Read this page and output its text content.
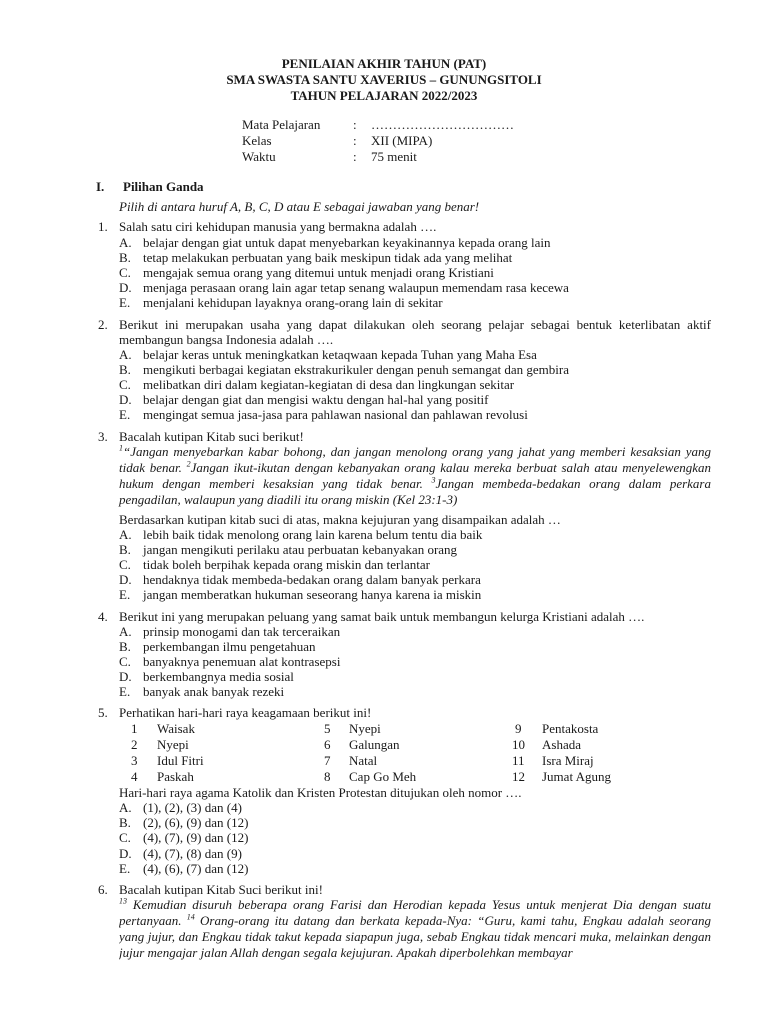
PENILAIAN AKHIR TAHUN (PAT)
SMA SWASTA SANTU XAVERIUS – GUNUNGSITOLI
TAHUN PELAJARAN 2022/2023
Mata Pelajaran	: ……………………………
Kelas	: XII (MIPA)
Waktu	: 75 menit
I. Pilihan Ganda
Pilih di antara huruf A, B, C, D atau E sebagai jawaban yang benar!
1. Salah satu ciri kehidupan manusia yang bermakna adalah ….
A. belajar dengan giat untuk dapat menyebarkan keyakinannya kepada orang lain
B. tetap melakukan perbuatan yang baik meskipun tidak ada yang melihat
C. mengajak semua orang yang ditemui untuk menjadi orang Kristiani
D. menjaga perasaan orang lain agar tetap senang walaupun memendam rasa kecewa
E. menjalani kehidupan layaknya orang-orang lain di sekitar
2. Berikut ini merupakan usaha yang dapat dilakukan oleh seorang pelajar sebagai bentuk keterlibatan aktif membangun bangsa Indonesia adalah ….
A. belajar keras untuk meningkatkan ketaqwaan kepada Tuhan yang Maha Esa
B. mengikuti berbagai kegiatan ekstrakurikuler dengan penuh semangat dan gembira
C. melibatkan diri dalam kegiatan-kegiatan di desa dan lingkungan sekitar
D. belajar dengan giat dan mengisi waktu dengan hal-hal yang positif
E. mengingat semua jasa-jasa para pahlawan nasional dan pahlawan revolusi
3. Bacalah kutipan Kitab suci berikut!
$^1$“Jangan menyebarkan kabar bohong, dan jangan menolong orang yang jahat yang memberi kesaksian yang tidak benar. $^2$Jangan ikut-ikutan dengan kebanyakan orang kalau mereka berbuat salah atau menyelewengkan hukum dengan memberi kesaksian yang tidak benar. $^3$Jangan membeda-bedakan orang dalam perkara pengadilan, walaupun yang diadili itu orang miskin (Kel 23:1-3)
Berdasarkan kutipan kitab suci di atas, makna kejujuran yang disampaikan adalah …
A. lebih baik tidak menolong orang lain karena belum tentu dia baik
B. jangan mengikuti perilaku atau perbuatan kebanyakan orang
C. tidak boleh berpihak kepada orang miskin dan terlantar
D. hendaknya tidak membeda-bedakan orang dalam banyak perkara
E. jangan memberatkan hukuman seseorang hanya karena ia miskin
4. Berikut ini yang merupakan peluang yang samat baik untuk membangun kelurga Kristiani adalah ….
A. prinsip monogami dan tak terceraikan
B. perkembangan ilmu pengetahuan
C. banyaknya penemuan alat kontrasepsi
D. berkembangnya media sosial
E. banyak anak banyak rezeki
5. Perhatikan hari-hari raya keagamaan berikut ini!
1 Waisak	5 Nyepi	9 Pentakosta
2 Nyepi	6 Galungan	10 Ashada
3 Idul Fitri	7 Natal	11 Isra Miraj
4 Paskah	8 Cap Go Meh	12 Jumat Agung
Hari-hari raya agama Katolik dan Kristen Protestan ditujukan oleh nomor ….
A. (1), (2), (3) dan (4)
B. (2), (6), (9) dan (12)
C. (4), (7), (9) dan (12)
D. (4), (7), (8) dan (9)
E. (4), (6), (7) dan (12)
6. Bacalah kutipan Kitab Suci berikut ini!
$^{13}$ Kemudian disuruh beberapa orang Farisi dan Herodian kepada Yesus untuk menjerat Dia dengan suatu pertanyaan. $^{14}$ Orang-orang itu datang dan berkata kepada-Nya: “Guru, kami tahu, Engkau adalah seorang yang jujur, dan Engkau tidak takut kepada siapapun juga, sebab Engkau tidak mencari muka, melainkan dengan jujur mengajar jalan Allah dengan segala kejujuran. Apakah diperbolehkan membayar
